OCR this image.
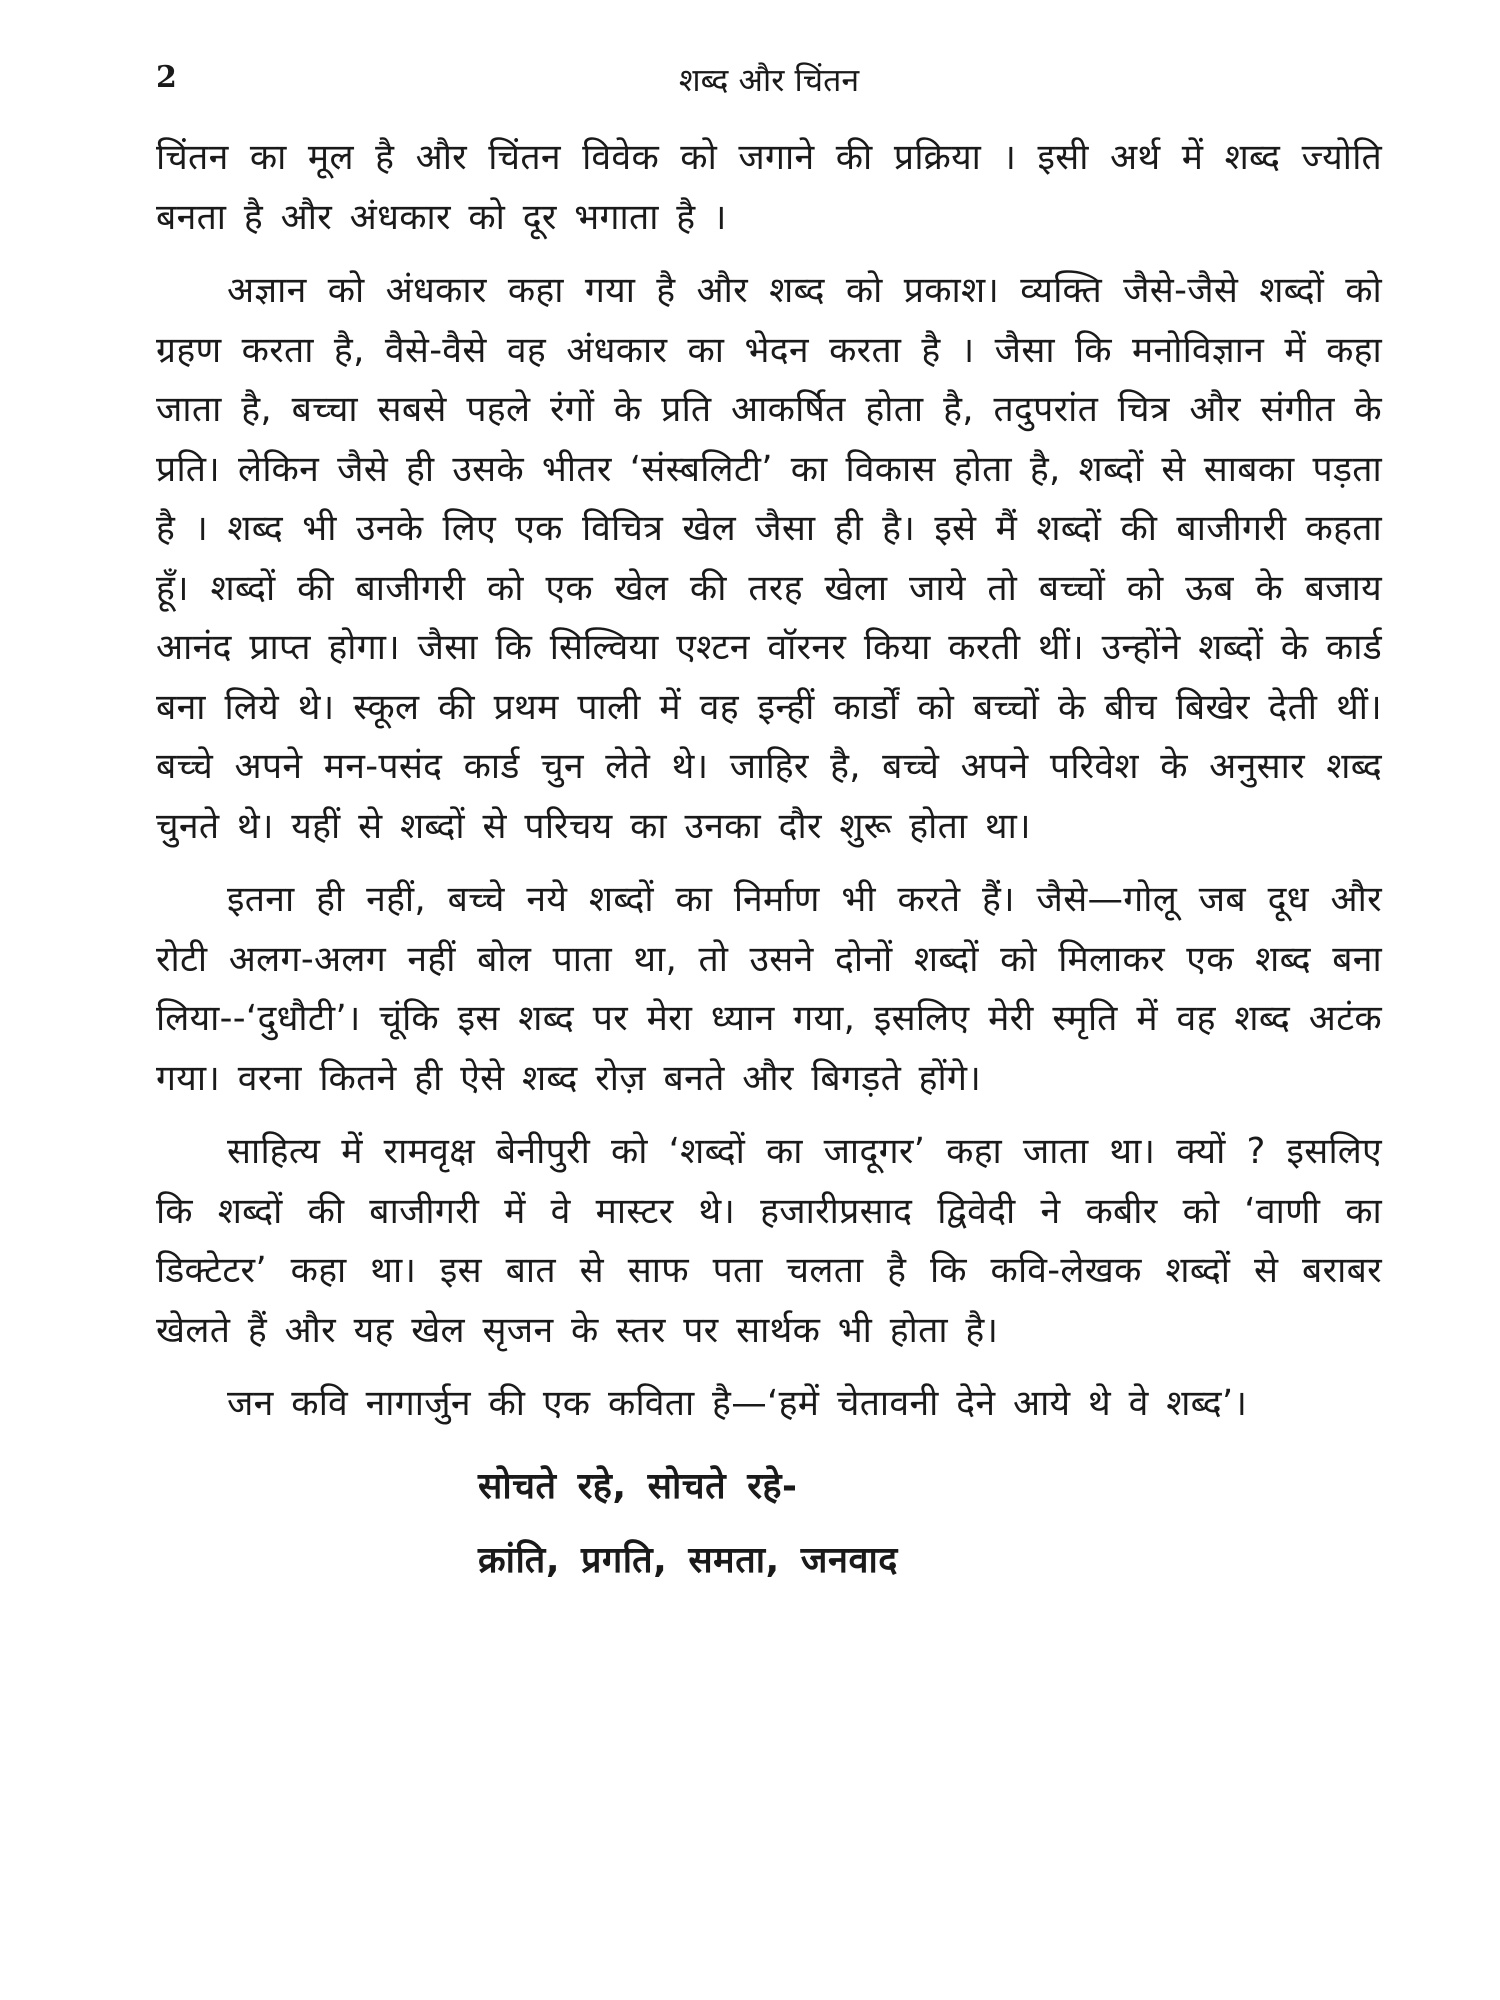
2	शब्द और चिंतन

चिंतन का मूल है और चिंतन विवेक को जगाने की प्रक्रिया । इसी अर्थ में शब्द ज्योति बनता है और अंधकार को दूर भगाता है ।

अज्ञान को अंधकार कहा गया है और शब्द को प्रकाश। व्यक्ति जैसे-जैसे शब्दों को ग्रहण करता है, वैसे-वैसे वह अंधकार का भेदन करता है । जैसा कि मनोविज्ञान में कहा जाता है, बच्चा सबसे पहले रंगों के प्रति आकर्षित होता है, तदुपरांत चित्र और संगीत के प्रति। लेकिन जैसे ही उसके भीतर ‘संस्बलिटी’ का विकास होता है, शब्दों से साबका पड़ता है । शब्द भी उनके लिए एक विचित्र खेल जैसा ही है। इसे मैं शब्दों की बाजीगरी कहता हूँ। शब्दों की बाजीगरी को एक खेल की तरह खेला जाये तो बच्चों को ऊब के बजाय आनंद प्राप्त होगा। जैसा कि सिल्विया एश्टन वॉरनर किया करती थीं। उन्होंने शब्दों के कार्ड बना लिये थे। स्कूल की प्रथम पाली में वह इन्हीं कार्डों को बच्चों के बीच बिखेर देती थीं। बच्चे अपने मन-पसंद कार्ड चुन लेते थे। जाहिर है, बच्चे अपने परिवेश के अनुसार शब्द चुनते थे। यहीं से शब्दों से परिचय का उनका दौर शुरू होता था।

इतना ही नहीं, बच्चे नये शब्दों का निर्माण भी करते हैं। जैसे—गोलू जब दूध और रोटी अलग-अलग नहीं बोल पाता था, तो उसने दोनों शब्दों को मिलाकर एक शब्द बना लिया--‘दुधौटी’। चूंकि इस शब्द पर मेरा ध्यान गया, इसलिए मेरी स्मृति में वह शब्द अटंक गया। वरना कितने ही ऐसे शब्द रोज़ बनते और बिगड़ते होंगे।

साहित्य में रामवृक्ष बेनीपुरी को ‘शब्दों का जादूगर’ कहा जाता था। क्यों ? इसलिए कि शब्दों की बाजीगरी में वे मास्टर थे। हजारीप्रसाद द्विवेदी ने कबीर को ‘वाणी का डिक्टेटर’ कहा था। इस बात से साफ पता चलता है कि कवि-लेखक शब्दों से बराबर खेलते हैं और यह खेल सृजन के स्तर पर सार्थक भी होता है।

जन कवि नागार्जुन की एक कविता है—‘हमें चेतावनी देने आये थे वे शब्द’।

सोचते रहे, सोचते रहे-
क्रांति, प्रगति, समता, जनवाद
